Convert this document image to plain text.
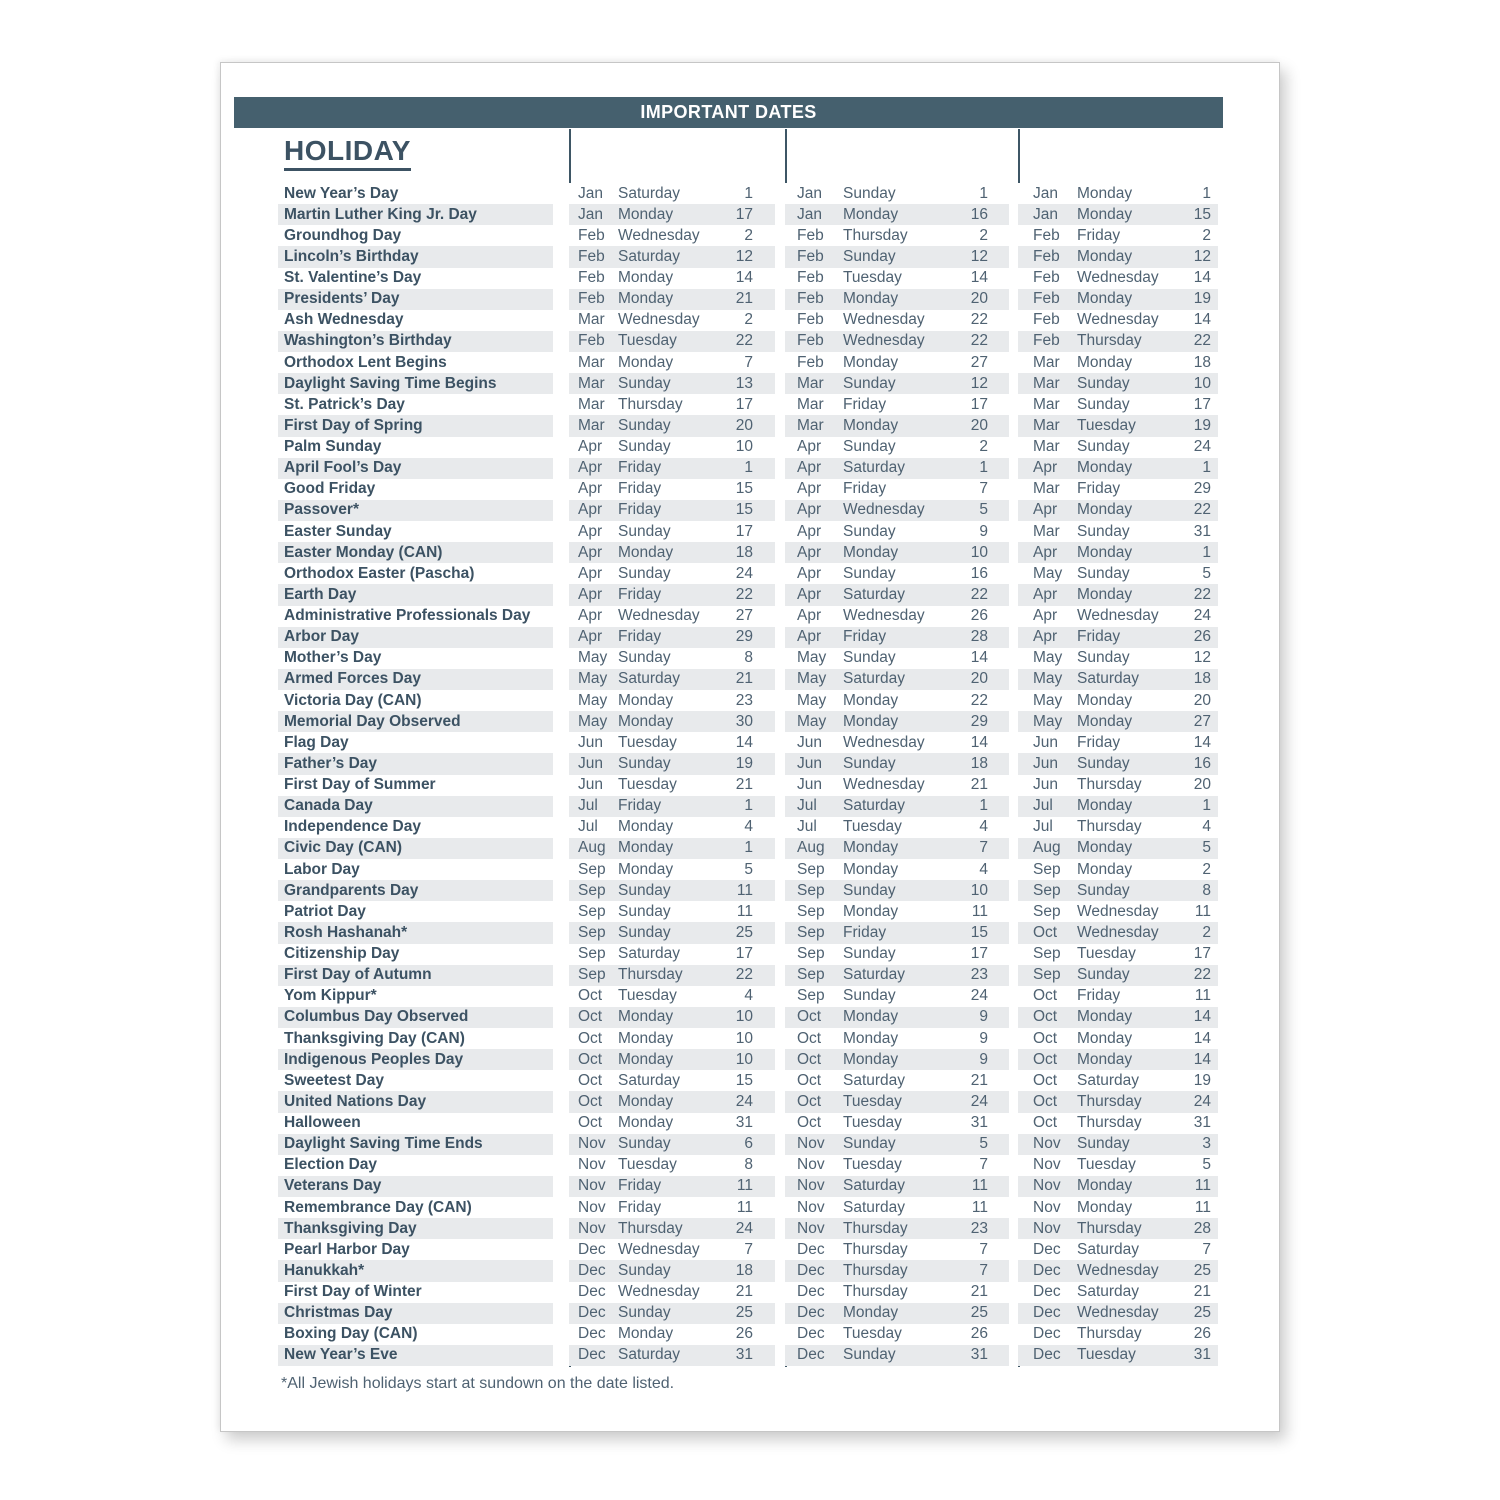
IMPORTANT DATES
HOLIDAY
New Year’s Day	Jan Saturday	1	Jan	Sunday	1	Jan	Monday	1
Martin Luther King Jr. Day	Jan Monday	17	Jan	Monday	16	Jan	Monday	15
Groundhog Day	Feb Wednesday	2	Feb	Thursday	2	Feb	Friday	2
Lincoln’s Birthday	Feb Saturday	12	Feb	Sunday	12	Feb	Monday	12
St. Valentine’s Day	Feb Monday	14	Feb	Tuesday	14	Feb	Wednesday	14
Presidents’ Day	Feb Monday	21	Feb	Monday	20	Feb	Monday	19
Ash Wednesday	Mar Wednesday	2	Feb	Wednesday	22	Feb	Wednesday	14
Washington’s Birthday	Feb Tuesday	22	Feb	Wednesday	22	Feb	Thursday	22
Orthodox Lent Begins	Mar Monday	7	Feb	Monday	27	Mar	Monday	18
Daylight Saving Time Begins	Mar Sunday	13	Mar	Sunday	12	Mar	Sunday	10
St. Patrick’s Day	Mar Thursday	17	Mar	Friday	17	Mar	Sunday	17
First Day of Spring	Mar Sunday	20	Mar	Monday	20	Mar	Tuesday	19
Palm Sunday	Apr	Sunday	10	Apr	Sunday	2	Mar	Sunday	24
April Fool’s Day	Apr	Friday	1	Apr	Saturday	1	Apr	Monday	1
Good Friday	Apr	Friday	15	Apr	Friday	7	Mar	Friday	29
Passover*	Apr	Friday	15	Apr	Wednesday	5	Apr	Monday	22
Easter Sunday	Apr	Sunday	17	Apr	Sunday	9	Mar	Sunday	31
Easter Monday (CAN)	Apr	Monday	18	Apr	Monday	10	Apr	Monday	1
Orthodox Easter (Pascha)	Apr	Sunday	24	Apr	Sunday	16	May Sunday	5
Earth Day	Apr	Friday	22	Apr	Saturday	22	Apr	Monday	22
Administrative Professionals Day	Apr	Wednesday	27	Apr	Wednesday	26	Apr	Wednesday	24
Arbor Day	Apr	Friday	29	Apr	Friday	28	Apr	Friday	26
Mother’s Day	May Sunday	8	May	Sunday	14	May Sunday	12
Armed Forces Day	May Saturday	21	May	Saturday	20	May Saturday	18
Victoria Day (CAN)	May Monday	23	May	Monday	22	May Monday	20
Memorial Day Observed	May Monday	30	May	Monday	29	May Monday	27
Flag Day	Jun Tuesday	14	Jun	Wednesday	14	Jun	Friday	14
Father’s Day	Jun Sunday	19	Jun	Sunday	18	Jun	Sunday	16
First Day of Summer	Jun Tuesday	21	Jun	Wednesday	21	Jun	Thursday	20
Canada Day	Jul	Friday	1	Jul	Saturday	1	Jul	Monday	1
Independence Day	Jul	Monday	4	Jul	Tuesday	4	Jul	Thursday	4
Civic Day (CAN)	Aug Monday	1	Aug	Monday	7	Aug	Monday	5
Labor Day	Sep Monday	5	Sep	Monday	4	Sep	Monday	2
Grandparents Day	Sep Sunday	11	Sep	Sunday	10	Sep	Sunday	8
Patriot Day	Sep Sunday	11	Sep	Monday	11	Sep	Wednesday	11
Rosh Hashanah*	Sep Sunday	25	Sep	Friday	15	Oct	Wednesday	2
Citizenship Day	Sep Saturday	17	Sep	Sunday	17	Sep	Tuesday	17
First Day of Autumn	Sep Thursday	22	Sep	Saturday	23	Sep	Sunday	22
Yom Kippur*	Oct	Tuesday	4	Sep	Sunday	24	Oct	Friday	11
Columbus Day Observed	Oct	Monday	10	Oct	Monday	9	Oct	Monday	14
Thanksgiving Day (CAN)	Oct	Monday	10	Oct	Monday	9	Oct	Monday	14
Indigenous Peoples Day	Oct	Monday	10	Oct	Monday	9	Oct	Monday	14
Sweetest Day	Oct	Saturday	15	Oct	Saturday	21	Oct	Saturday	19
United Nations Day	Oct	Monday	24	Oct	Tuesday	24	Oct	Thursday	24
Halloween	Oct	Monday	31	Oct	Tuesday	31	Oct	Thursday	31
Daylight Saving Time Ends	Nov Sunday	6	Nov	Sunday	5	Nov	Sunday	3
Election Day	Nov Tuesday	8	Nov	Tuesday	7	Nov	Tuesday	5
Veterans Day	Nov Friday	11	Nov	Saturday	11	Nov	Monday	11
Remembrance Day (CAN)	Nov Friday	11	Nov	Saturday	11	Nov	Monday	11
Thanksgiving Day	Nov Thursday	24	Nov	Thursday	23	Nov	Thursday	28
Pearl Harbor Day	Dec Wednesday	7	Dec	Thursday	7	Dec	Saturday	7
Hanukkah*	Dec Sunday	18	Dec	Thursday	7	Dec	Wednesday	25
First Day of Winter	Dec Wednesday	21	Dec	Thursday	21	Dec	Saturday	21
Christmas Day	Dec Sunday	25	Dec	Monday	25	Dec	Wednesday	25
Boxing Day (CAN)	Dec Monday	26	Dec	Tuesday	26	Dec	Thursday	26
New Year’s Eve	Dec Saturday	31	Dec	Sunday	31	Dec	Tuesday	31
*All Jewish holidays start at sundown on the date listed.
